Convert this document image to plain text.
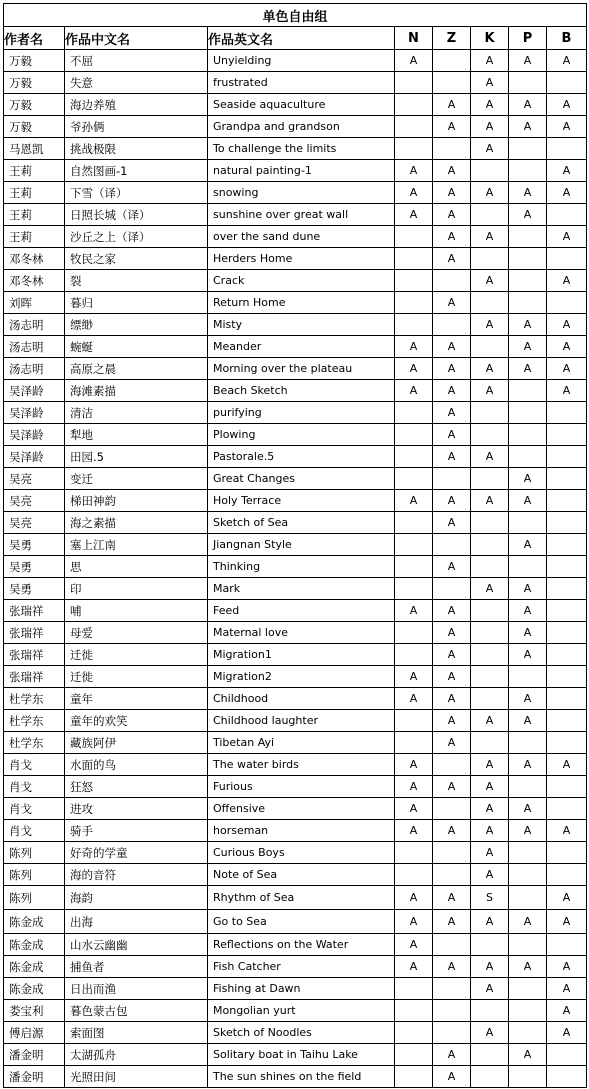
单色自由组							
作者名	作品中文名	作品英文名	N	Z	K	P	B
万毅	不屈	Unyielding	A		A	A	A
万毅	失意	frustrated			A		
万毅	海边养殖	Seaside aquaculture		A	A	A	A
万毅	爷孙俩	Grandpa and grandson		A	A	A	A
马恩凯	挑战极限	To challenge the limits			A		
王莉	自然图画-1	natural painting-1	A	A			A
王莉	下雪（译）	snowing	A	A	A	A	A
王莉	日照长城（译）	sunshine over great wall	A	A		A	
王莉	沙丘之上（译）	over the sand dune		A	A		A
邓冬林	牧民之家	Herders Home		A			
邓冬林	裂	Crack			A		A
刘晖	暮归	Return Home		A			
汤志明	缥缈	Misty			A	A	A
汤志明	蜿蜒	Meander	A	A		A	A
汤志明	高原之晨	Morning over the plateau	A	A	A	A	A
吴泽龄	海滩素描	Beach Sketch	A	A	A		A
吴泽龄	清洁	purifying		A			
吴泽龄	犁地	Plowing		A			
吴泽龄	田园.5	Pastorale.5		A	A		
吴亮	变迁	Great Changes				A	
吴亮	梯田神韵	Holy Terrace	A	A	A	A	
吴亮	海之素描	Sketch of Sea		A			
吴勇	塞上江南	Jiangnan Style				A	
吴勇	思	Thinking		A			
吴勇	印	Mark			A	A	
张瑞祥	哺	Feed	A	A		A	
张瑞祥	母爱	Maternal love		A		A	
张瑞祥	迁徙	Migration1		A		A	
张瑞祥	迁徙	Migration2	A	A			
杜学东	童年	Childhood	A	A		A	
杜学东	童年的欢笑	Childhood laughter		A	A	A	
杜学东	藏族阿伊	Tibetan Ayi		A			
肖戈	水面的鸟	The water birds	A		A	A	A
肖戈	狂怒	Furious	A	A	A		
肖戈	进攻	Offensive	A		A	A	
肖戈	骑手	horseman	A	A	A	A	A
陈列	好奇的学童	Curious Boys			A		
陈列	海的音符	Note of Sea			A		
陈列	海韵	Rhythm of Sea	A	A	S		A
陈金成	出海	Go to Sea	A	A	A	A	A
陈金成	山水云幽幽	Reflections on the Water	A				
陈金成	捕鱼者	Fish Catcher	A	A	A	A	A
陈金成	日出而渔	Fishing at Dawn			A		A
娄宝利	暮色蒙古包	Mongolian yurt					A
傅启源	索面图	Sketch of Noodles			A		A
潘金明	太湖孤舟	Solitary boat in Taihu Lake		A		A	
潘金明	光照田间	The sun shines on the field		A			
